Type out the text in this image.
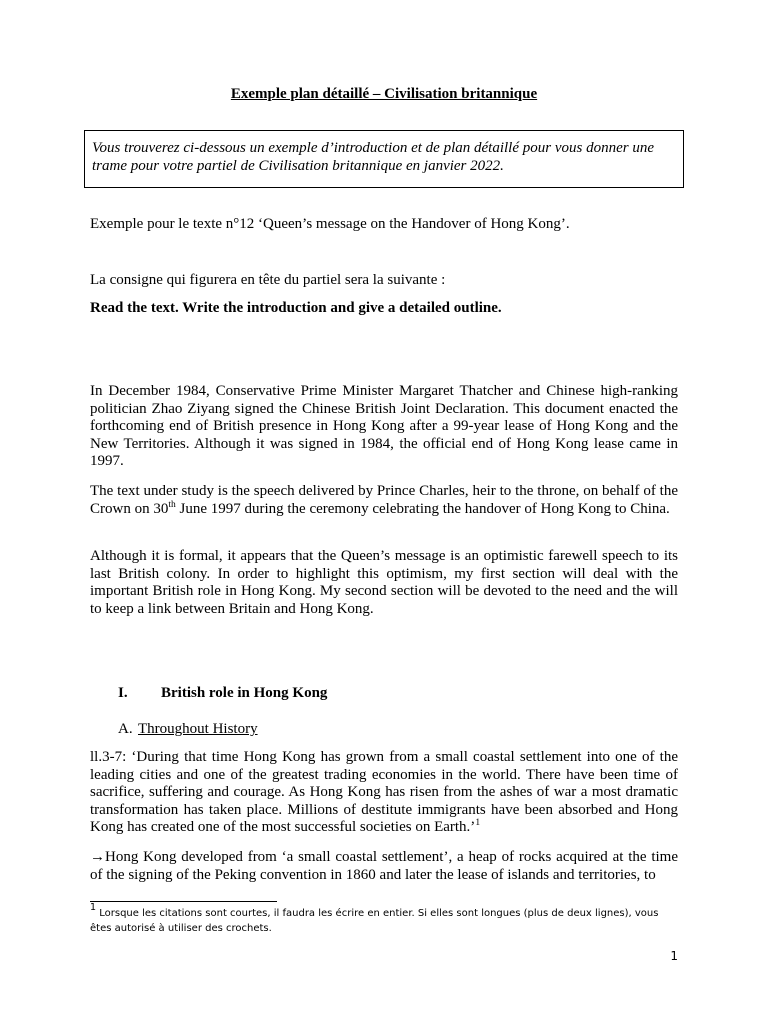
Exemple plan détaillé – Civilisation britannique

Vous trouverez ci-dessous un exemple d’introduction et de plan détaillé pour vous donner une trame pour votre partiel de Civilisation britannique en janvier 2022.

Exemple pour le texte n°12 ‘Queen’s message on the Handover of Hong Kong’.

La consigne qui figurera en tête du partiel sera la suivante :

Read the text. Write the introduction and give a detailed outline.

In December 1984, Conservative Prime Minister Margaret Thatcher and Chinese high-ranking politician Zhao Ziyang signed the Chinese British Joint Declaration. This document enacted the forthcoming end of British presence in Hong Kong after a 99-year lease of Hong Kong and the New Territories. Although it was signed in 1984, the official end of Hong Kong lease came in 1997.

The text under study is the speech delivered by Prince Charles, heir to the throne, on behalf of the Crown on 30th June 1997 during the ceremony celebrating the handover of Hong Kong to China.

Although it is formal, it appears that the Queen’s message is an optimistic farewell speech to its last British colony. In order to highlight this optimism, my first section will deal with the important British role in Hong Kong. My second section will be devoted to the need and the will to keep a link between Britain and Hong Kong.

I. British role in Hong Kong

A. Throughout History

ll.3-7: ‘During that time Hong Kong has grown from a small coastal settlement into one of the leading cities and one of the greatest trading economies in the world. There have been time of sacrifice, suffering and courage. As Hong Kong has risen from the ashes of war a most dramatic transformation has taken place. Millions of destitute immigrants have been absorbed and Hong Kong has created one of the most successful societies on Earth.’$^1$

→Hong Kong developed from ‘a small coastal settlement’, a heap of rocks acquired at the time of the signing of the Peking convention in 1860 and later the lease of islands and territories, to

$^1$ Lorsque les citations sont courtes, il faudra les écrire en entier. Si elles sont longues (plus de deux lignes), vous êtes autorisé à utiliser des crochets.

1
